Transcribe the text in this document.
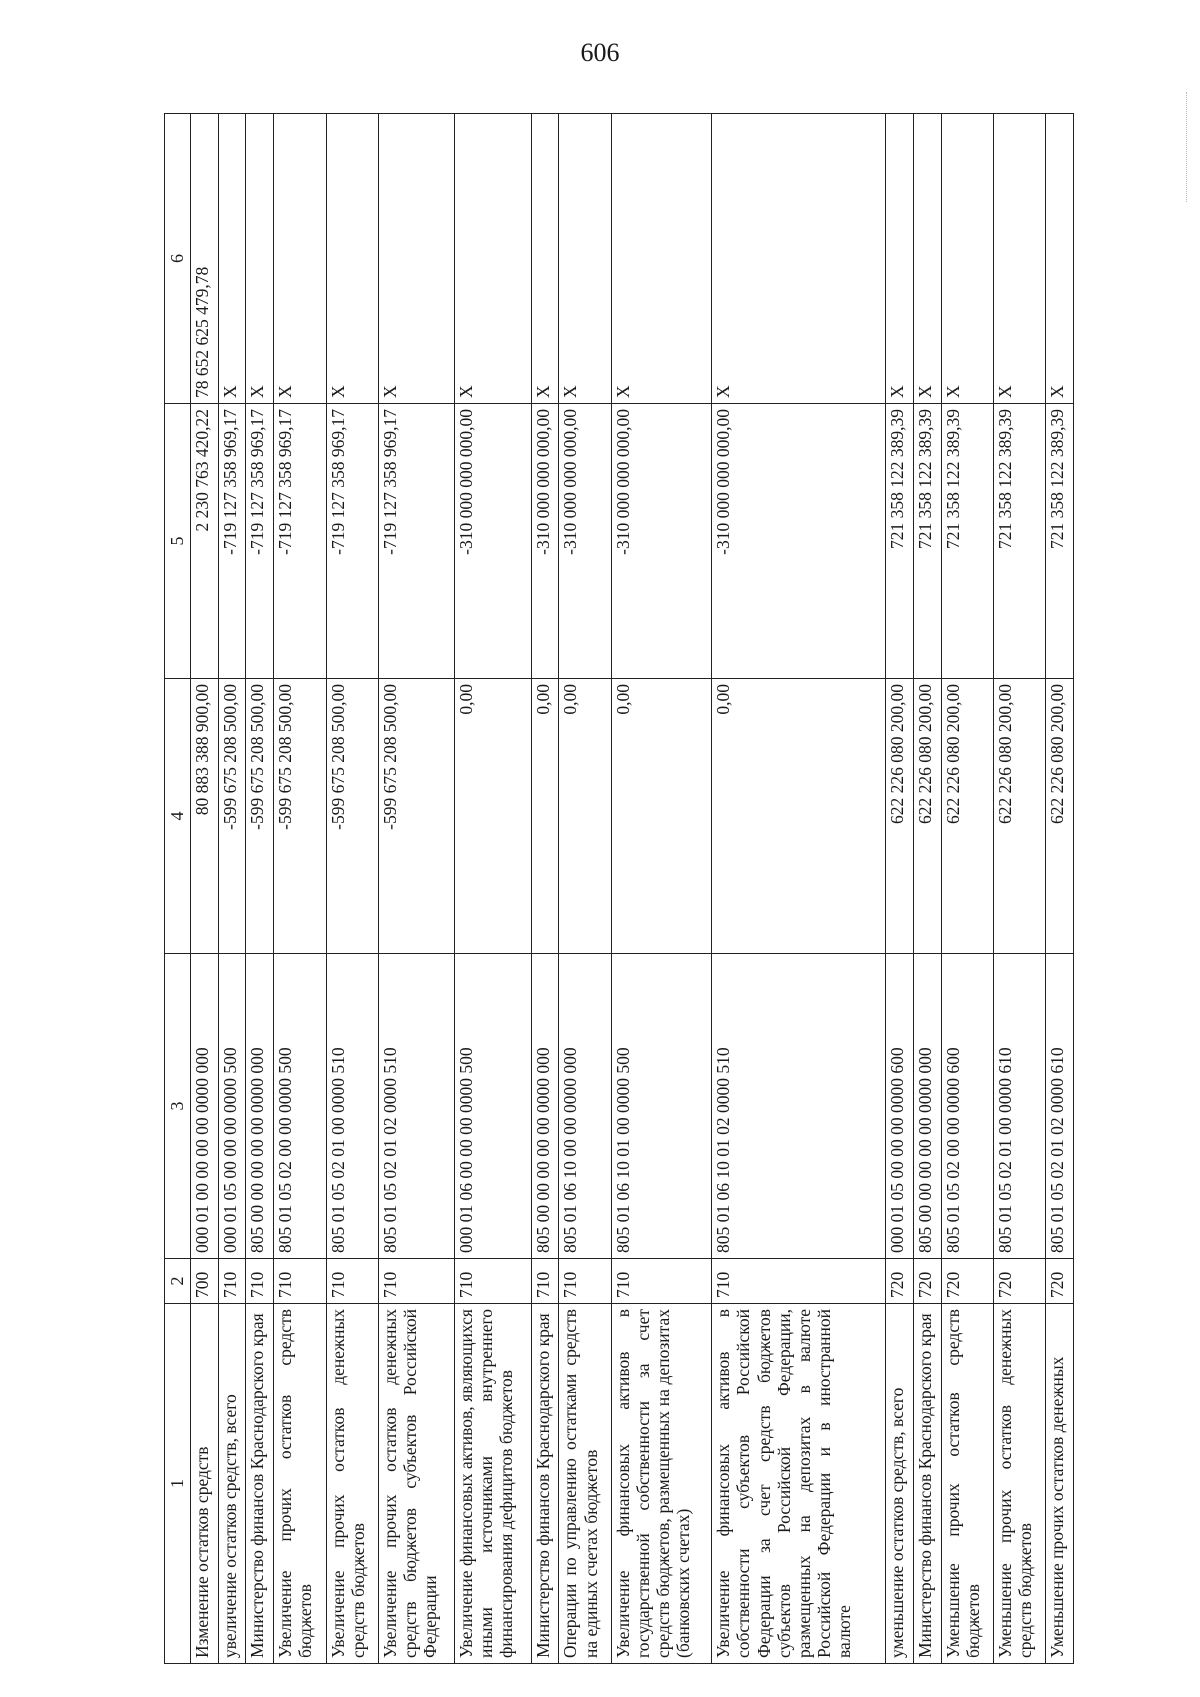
606
1	2	3	4	5	6
Изменение остатков средств	700	000 01 00 00 00 00 0000 000	80 883 388 900,00	2 230 763 420,22	78 652 625 479,78
увеличение остатков средств, всего	710	000 01 05 00 00 00 0000 500	-599 675 208 500,00	-719 127 358 969,17	X
Министерство финансов Краснодарского края	710	805 00 00 00 00 00 0000 000	-599 675 208 500,00	-719 127 358 969,17	X
Увеличение прочих остатков средств бюджетов	710	805 01 05 02 00 00 0000 500	-599 675 208 500,00	-719 127 358 969,17	X
Увеличение прочих остатков денежных средств бюджетов	710	805 01 05 02 01 00 0000 510	-599 675 208 500,00	-719 127 358 969,17	X
Увеличение прочих остатков денежных средств бюджетов субъектов Российской Федерации	710	805 01 05 02 01 02 0000 510	-599 675 208 500,00	-719 127 358 969,17	X
Увеличение финансовых активов, являющихся иными источниками внутреннего финансирования дефицитов бюджетов	710	000 01 06 00 00 00 0000 500	0,00	-310 000 000 000,00	X
Министерство финансов Краснодарского края	710	805 00 00 00 00 00 0000 000	0,00	-310 000 000 000,00	X
Операции по управлению остатками средств на единых счетах бюджетов	710	805 01 06 10 00 00 0000 000	0,00	-310 000 000 000,00	X
Увеличение финансовых активов в государственной собственности за счет средств бюджетов, размещенных на депозитах (банковских счетах)	710	805 01 06 10 01 00 0000 500	0,00	-310 000 000 000,00	X
Увеличение финансовых активов в собственности субъектов Российской Федерации за счет средств бюджетов субъектов Российской Федерации, размещенных на депозитах в валюте Российской Федерации и в иностранной валюте	710	805 01 06 10 01 02 0000 510	0,00	-310 000 000 000,00	X
уменьшение остатков средств, всего	720	000 01 05 00 00 00 0000 600	622 226 080 200,00	721 358 122 389,39	X
Министерство финансов Краснодарского края	720	805 00 00 00 00 00 0000 000	622 226 080 200,00	721 358 122 389,39	X
Уменьшение прочих остатков средств бюджетов	720	805 01 05 02 00 00 0000 600	622 226 080 200,00	721 358 122 389,39	X
Уменьшение прочих остатков денежных средств бюджетов	720	805 01 05 02 01 00 0000 610	622 226 080 200,00	721 358 122 389,39	X
Уменьшение прочих остатков денежных	720	805 01 05 02 01 02 0000 610	622 226 080 200,00	721 358 122 389,39	X
